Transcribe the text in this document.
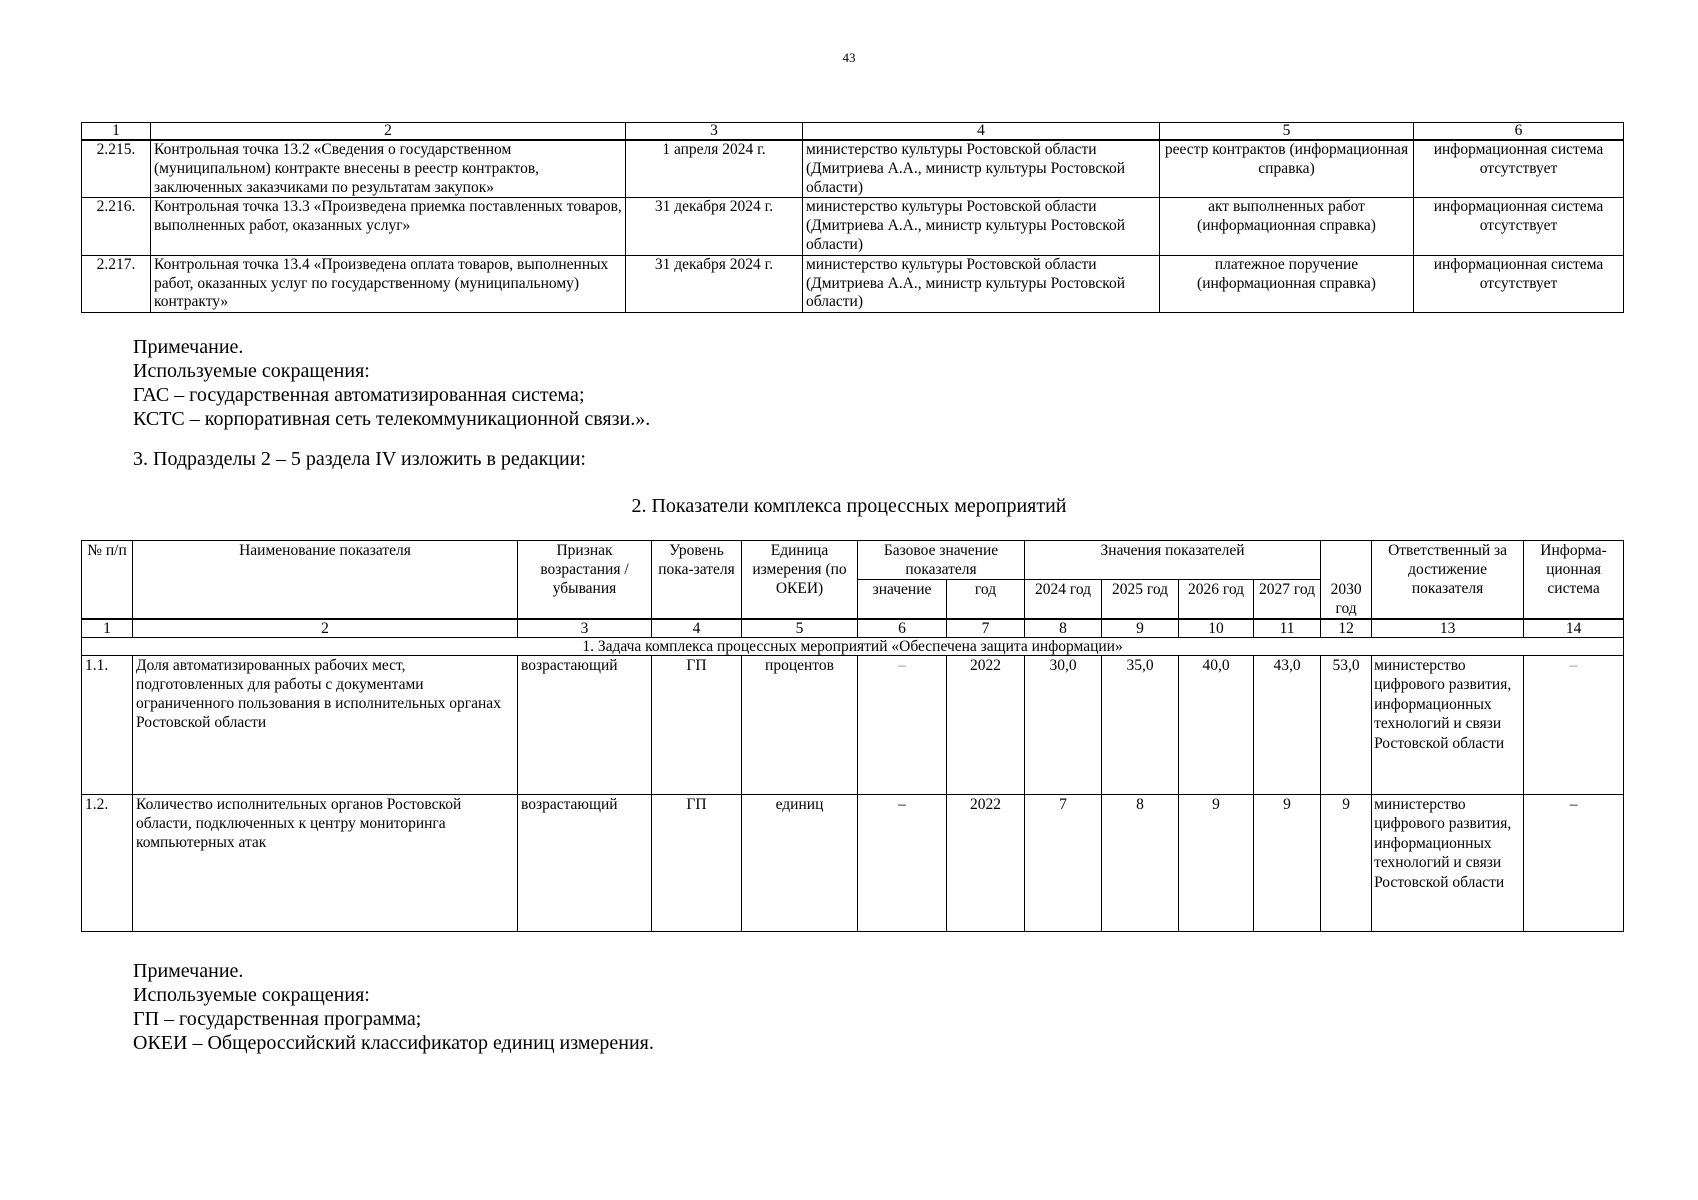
43
1	2	3	4	5	6
2.215.	Контрольная точка 13.2 «Сведения о государственном (муниципальном) контракте внесены в реестр контрактов, заключенных заказчиками по результатам закупок»	1 апреля 2024 г.	министерство культуры Ростовской области (Дмитриева А.А., министр культуры Ростовской области)	реестр контрактов (информационная справка)	информационная система отсутствует
2.216.	Контрольная точка 13.3 «Произведена приемка поставленных товаров, выполненных работ, оказанных услуг»	31 декабря 2024 г.	министерство культуры Ростовской области (Дмитриева А.А., министр культуры Ростовской области)	акт выполненных работ (информационная справка)	информационная система отсутствует
2.217.	Контрольная точка 13.4 «Произведена оплата товаров, выполненных работ, оказанных услуг по государственному (муниципальному) контракту»	31 декабря 2024 г.	министерство культуры Ростовской области (Дмитриева А.А., министр культуры Ростовской области)	платежное поручение (информационная справка)	информационная система отсутствует
Примечание.
Используемые сокращения:
ГАС – государственная автоматизированная система;
КСТС – корпоративная сеть телекоммуникационной связи.».
3. Подразделы 2 – 5 раздела IV изложить в редакции:
2. Показатели комплекса процессных мероприятий
№ п/п	Наименование показателя	Признак возрастания / убывания	Уровень пока-зателя	Единица измерения (по ОКЕИ)	Базовое значение показателя		Значения показателей					Ответственный за достижение показателя	Информа-ционная система
					значение	год	2024 год	2025 год	2026 год	2027 год	2030 год		
1	2	3	4	5	6	7	8	9	10	11	12	13	14
1. Задача комплекса процессных мероприятий «Обеспечена защита информации»													
1.1.	Доля автоматизированных рабочих мест, подготовленных для работы с документами ограниченного пользования в исполнительных органах Ростовской области	возрастающий	ГП	процентов	–	2022	30,0	35,0	40,0	43,0	53,0	министерство цифрового развития, информационных технологий и связи Ростовской области	–
1.2.	Количество исполнительных органов Ростовской области, подключенных к центру мониторинга компьютерных атак	возрастающий	ГП	единиц	–	2022	7	8	9	9	9	министерство цифрового развития, информационных технологий и связи Ростовской области	–
Примечание.
Используемые сокращения:
ГП – государственная программа;
ОКЕИ – Общероссийский классификатор единиц измерения.
